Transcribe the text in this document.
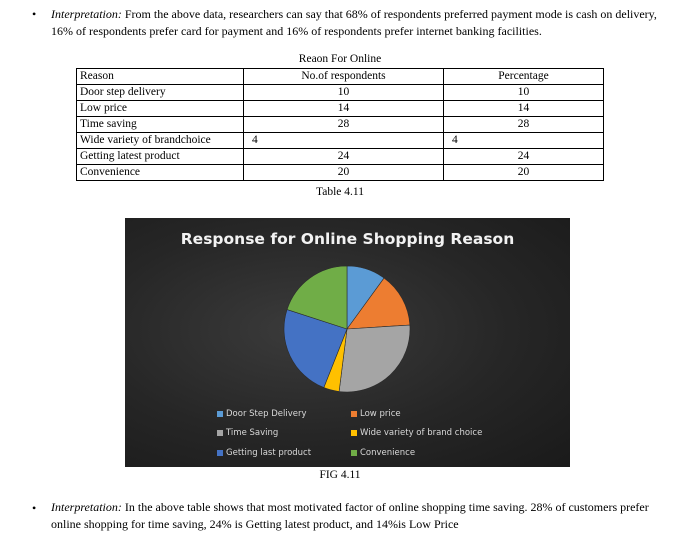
• Interpretation: From the above data, researchers can say that 68% of respondents preferred payment mode is cash on delivery, 16% of respondents prefer card for payment and 16% of respondents prefer internet banking facilities.
Reaon For Online
Reason	No.of respondents	Percentage
Door step delivery	10	10
Low price	14	14
Time saving	28	28
Wide variety of brandchoice	4	4
Getting latest product	24	24
Convenience	20	20
Table 4.11
Response for Online Shopping Reason
Door Step Delivery	Low price
Time Saving	Wide variety of brand choice
Getting last product	Convenience
FIG 4.11
• Interpretation: In the above table shows that most motivated factor of online shopping time saving. 28% of customers prefer online shopping for time saving, 24% is Getting latest product, and 14%is Low Price
